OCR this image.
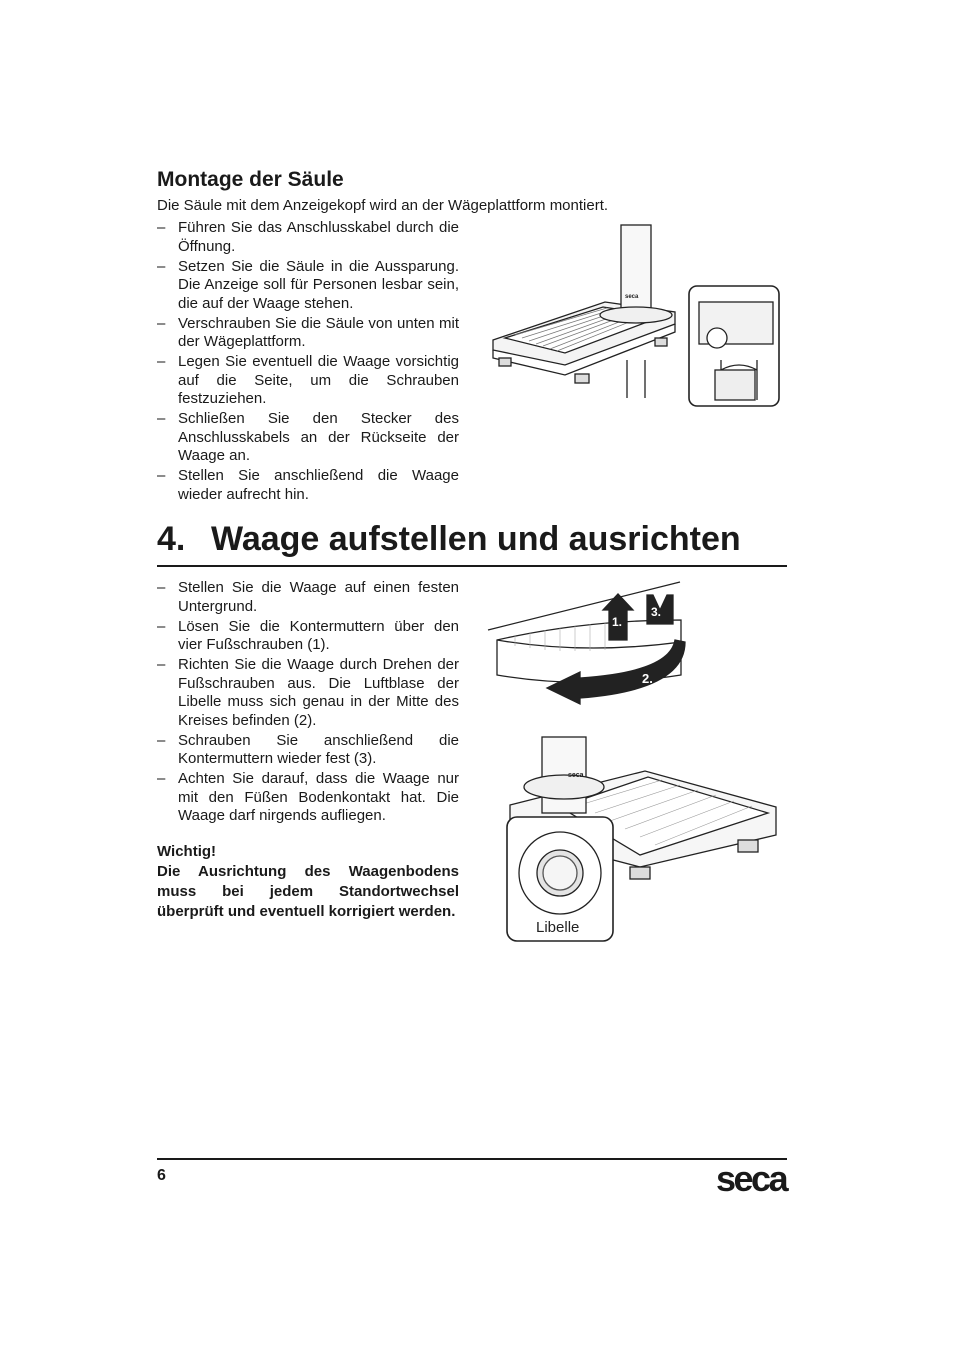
Montage der Säule

Die Säule mit dem Anzeigekopf wird an der Wägeplattform montiert.

– Führen Sie das Anschlusskabel durch die Öffnung.
– Setzen Sie die Säule in die Aussparung. Die Anzeige soll für Personen lesbar sein, die auf der Waage stehen.
– Verschrauben Sie die Säule von unten mit der Wägeplattform.
– Legen Sie eventuell die Waage vorsichtig auf die Seite, um die Schrauben festzuziehen.
– Schließen Sie den Stecker des Anschlusskabels an der Rückseite der Waage an.
– Stellen Sie anschließend die Waage wieder aufrecht hin.
seca
4. Waage aufstellen und ausrichten
– Stellen Sie die Waage auf einen festen Untergrund.
– Lösen Sie die Kontermuttern über den vier Fußschrauben (1).
– Richten Sie die Waage durch Drehen der Fußschrauben aus. Die Luftblase der Libelle muss sich genau in der Mitte des Kreises befinden (2).
– Schrauben Sie anschließend die Kontermuttern wieder fest (3).
– Achten Sie darauf, dass die Waage nur mit den Füßen Bodenkontakt hat. Die Waage darf nirgends aufliegen.

Wichtig!

Die Ausrichtung des Waagenbodens muss bei jedem Standortwechsel überprüft und eventuell korrigiert werden.

1.
2.
3.
seca
Libelle
6	seca
